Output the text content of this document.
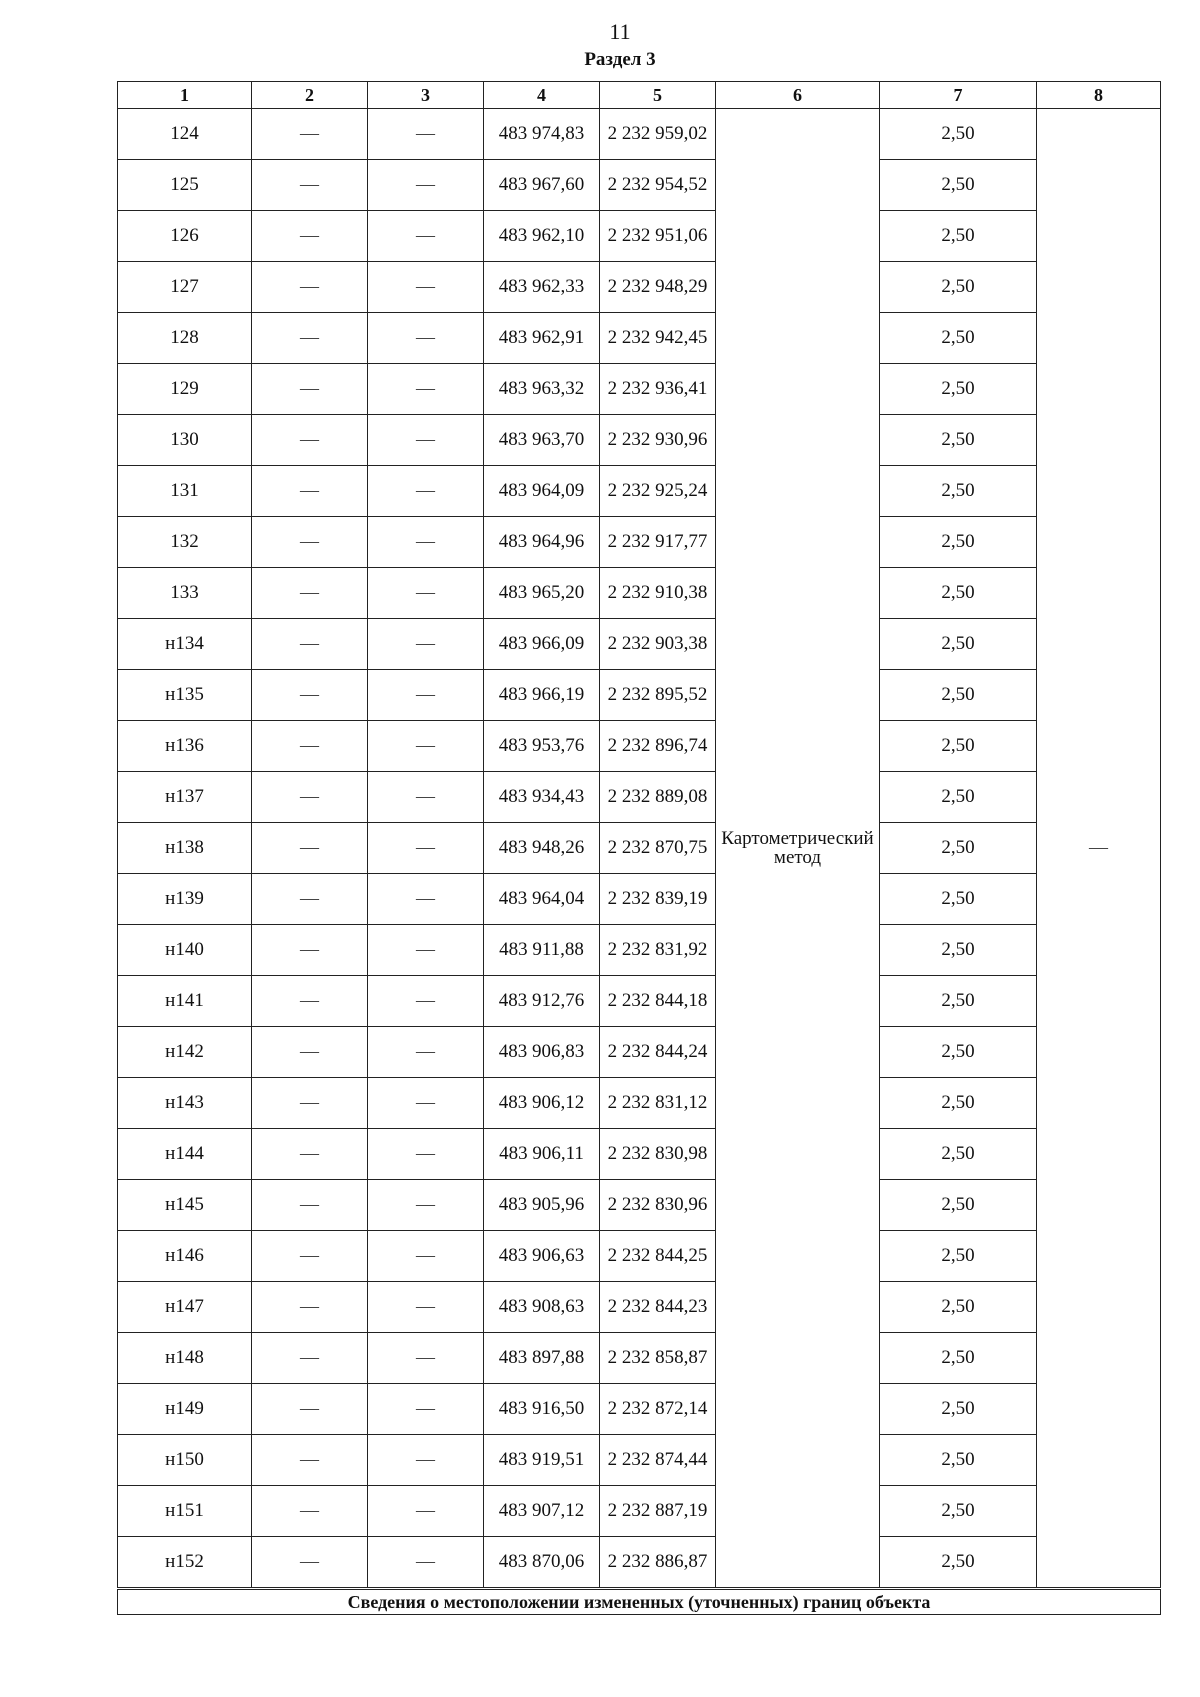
11
Раздел 3
1	2	3	4	5	6	7	8
124	—	—	483 974,83	2 232 959,02	Картометрический метод	2,50	—
125	—	—	483 967,60	2 232 954,52		2,50	
126	—	—	483 962,10	2 232 951,06		2,50	
127	—	—	483 962,33	2 232 948,29		2,50	
128	—	—	483 962,91	2 232 942,45		2,50	
129	—	—	483 963,32	2 232 936,41		2,50	
130	—	—	483 963,70	2 232 930,96		2,50	
131	—	—	483 964,09	2 232 925,24		2,50	
132	—	—	483 964,96	2 232 917,77		2,50	
133	—	—	483 965,20	2 232 910,38		2,50	
н134	—	—	483 966,09	2 232 903,38		2,50	
н135	—	—	483 966,19	2 232 895,52		2,50	
н136	—	—	483 953,76	2 232 896,74		2,50	
н137	—	—	483 934,43	2 232 889,08		2,50	
н138	—	—	483 948,26	2 232 870,75		2,50	
н139	—	—	483 964,04	2 232 839,19		2,50	
н140	—	—	483 911,88	2 232 831,92		2,50	
н141	—	—	483 912,76	2 232 844,18		2,50	
н142	—	—	483 906,83	2 232 844,24		2,50	
н143	—	—	483 906,12	2 232 831,12		2,50	
н144	—	—	483 906,11	2 232 830,98		2,50	
н145	—	—	483 905,96	2 232 830,96		2,50	
н146	—	—	483 906,63	2 232 844,25		2,50	
н147	—	—	483 908,63	2 232 844,23		2,50	
н148	—	—	483 897,88	2 232 858,87		2,50	
н149	—	—	483 916,50	2 232 872,14		2,50	
н150	—	—	483 919,51	2 232 874,44		2,50	
н151	—	—	483 907,12	2 232 887,19		2,50	
н152	—	—	483 870,06	2 232 886,87		2,50	
Сведения о местоположении измененных (уточненных) границ объекта							
